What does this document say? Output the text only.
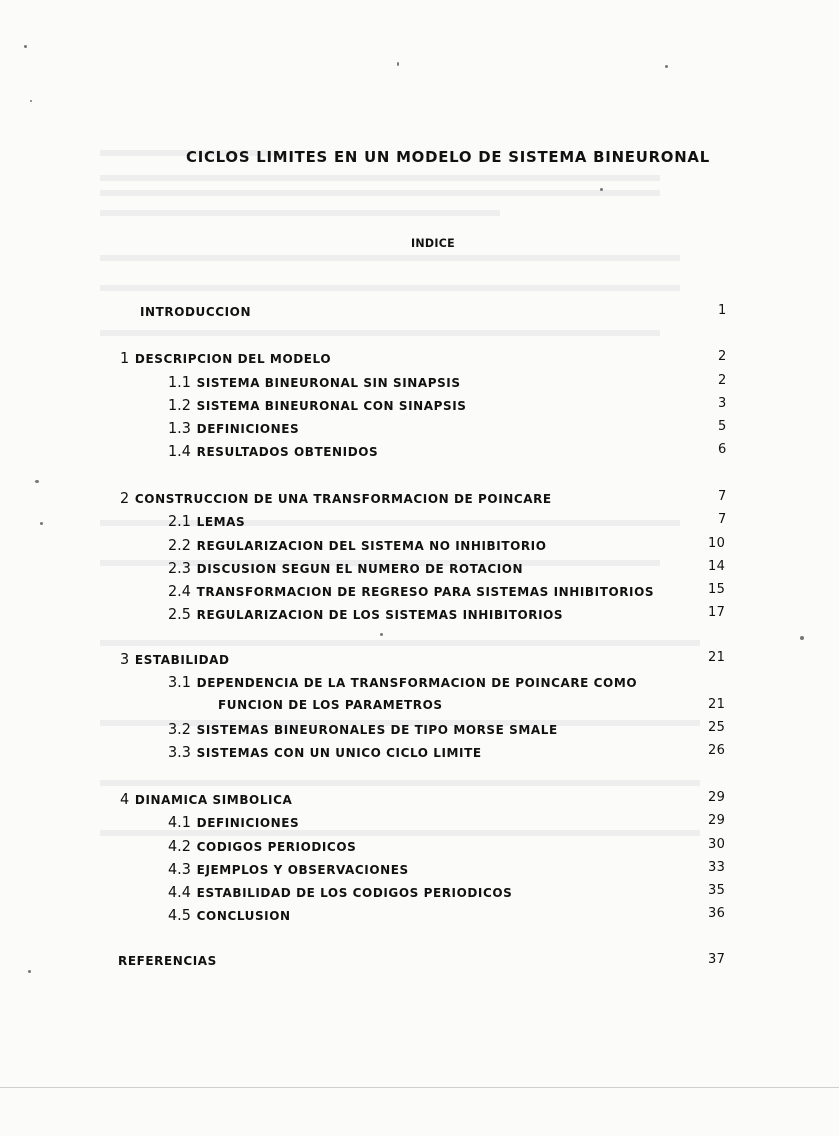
CICLOS LIMITES EN UN MODELO DE SISTEMA BINEURONAL
INDICE
INTRODUCCION	1
1 DESCRIPCION DEL MODELO	2
1.1 SISTEMA BINEURONAL SIN SINAPSIS	2
1.2 SISTEMA BINEURONAL CON SINAPSIS	3
1.3 DEFINICIONES	5
1.4 RESULTADOS OBTENIDOS	6
2 CONSTRUCCION DE UNA TRANSFORMACION DE POINCARE	7
2.1 LEMAS	7
2.2 REGULARIZACION DEL SISTEMA NO INHIBITORIO	10
2.3 DISCUSION SEGUN EL NUMERO DE ROTACION	14
2.4 TRANSFORMACION DE REGRESO PARA SISTEMAS INHIBITORIOS	15
2.5 REGULARIZACION DE LOS SISTEMAS INHIBITORIOS	17
3 ESTABILIDAD	21
3.1 DEPENDENCIA DE LA TRANSFORMACION DE POINCARE COMO
FUNCION DE LOS PARAMETROS	21
3.2 SISTEMAS BINEURONALES DE TIPO MORSE SMALE	25
3.3 SISTEMAS CON UN UNICO CICLO LIMITE	26
4 DINAMICA SIMBOLICA	29
4.1 DEFINICIONES	29
4.2 CODIGOS PERIODICOS	30
4.3 EJEMPLOS Y OBSERVACIONES	33
4.4 ESTABILIDAD DE LOS CODIGOS PERIODICOS	35
4.5 CONCLUSION	36
REFERENCIAS	37
